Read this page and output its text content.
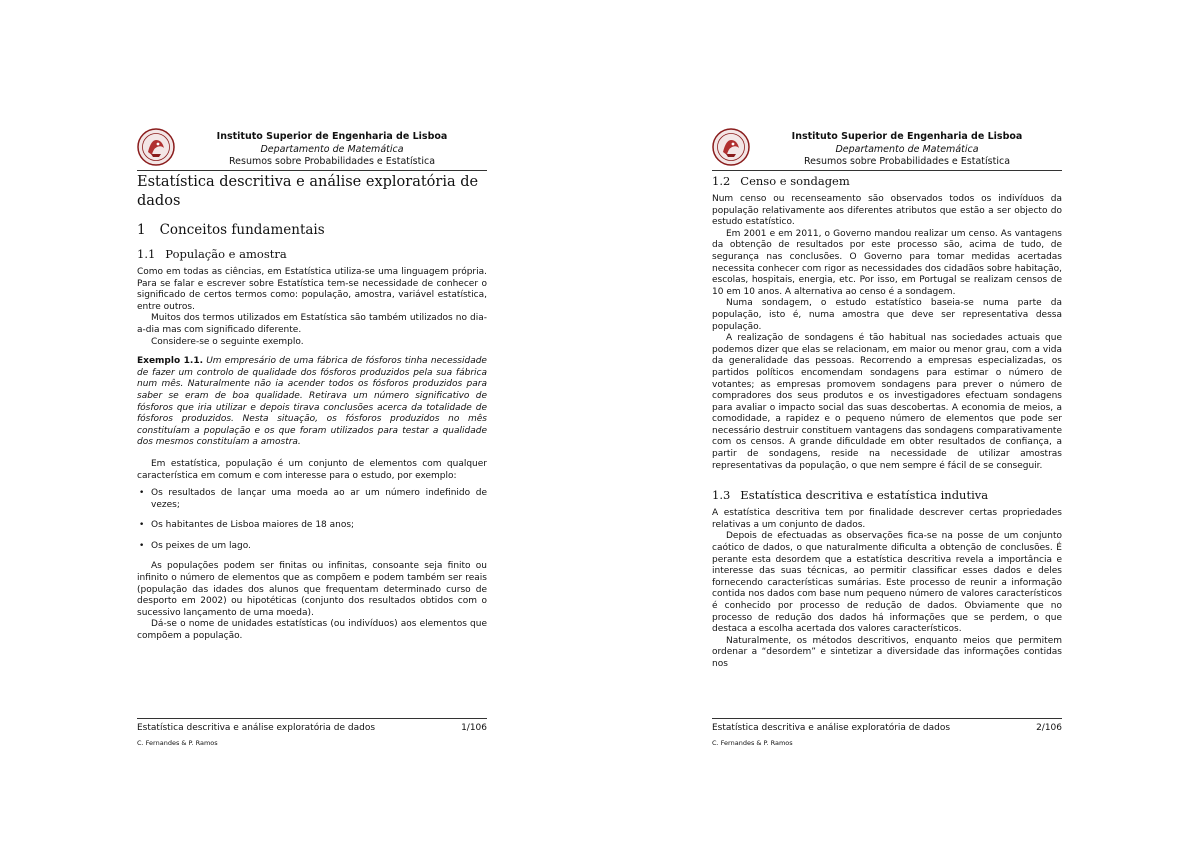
Instituto Superior de Engenharia de Lisboa
Departamento de Matemática
Resumos sobre Probabilidades e Estatística
Estatística descritiva e análise exploratória de dados
1 Conceitos fundamentais
1.1 População e amostra

Como em todas as ciências, em Estatística utiliza-se uma linguagem própria. Para se falar e escrever sobre Estatística tem-se necessidade de conhecer o significado de certos termos como: população, amostra, variável estatística, entre outros.

Muitos dos termos utilizados em Estatística são também utilizados no dia-a-dia mas com significado diferente.

Considere-se o seguinte exemplo.

Exemplo 1.1. Um empresário de uma fábrica de fósforos tinha necessidade de fazer um controlo de qualidade dos fósforos produzidos pela sua fábrica num mês. Naturalmente não ia acender todos os fósforos produzidos para saber se eram de boa qualidade. Retirava um número significativo de fósforos que iria utilizar e depois tirava conclusões acerca da totalidade de fósforos produzidos. Nesta situação, os fósforos produzidos no mês constituíam a população e os que foram utilizados para testar a qualidade dos mesmos constituíam a amostra.

Em estatística, população é um conjunto de elementos com qualquer característica em comum e com interesse para o estudo, por exemplo:

• Os resultados de lançar uma moeda ao ar um número indefinido de vezes;
• Os habitantes de Lisboa maiores de 18 anos;
• Os peixes de um lago.

As populações podem ser finitas ou infinitas, consoante seja finito ou infinito o número de elementos que as compõem e podem também ser reais (população das idades dos alunos que frequentam determinado curso de desporto em 2002) ou hipotéticas (conjunto dos resultados obtidos com o sucessivo lançamento de uma moeda).

Dá-se o nome de unidades estatísticas (ou indivíduos) aos elementos que compõem a população.

Estatística descritiva e análise exploratória de dados	1/106
C. Fernandes & P. Ramos
Instituto Superior de Engenharia de Lisboa
Departamento de Matemática
Resumos sobre Probabilidades e Estatística
1.2 Censo e sondagem

Num censo ou recenseamento são observados todos os indivíduos da população relativamente aos diferentes atributos que estão a ser objecto do estudo estatístico.

Em 2001 e em 2011, o Governo mandou realizar um censo. As vantagens da obtenção de resultados por este processo são, acima de tudo, de segurança nas conclusões. O Governo para tomar medidas acertadas necessita conhecer com rigor as necessidades dos cidadãos sobre habitação, escolas, hospitais, energia, etc. Por isso, em Portugal se realizam censos de 10 em 10 anos. A alternativa ao censo é a sondagem.

Numa sondagem, o estudo estatístico baseia-se numa parte da população, isto é, numa amostra que deve ser representativa dessa população.

A realização de sondagens é tão habitual nas sociedades actuais que podemos dizer que elas se relacionam, em maior ou menor grau, com a vida da generalidade das pessoas. Recorrendo a empresas especializadas, os partidos políticos encomendam sondagens para estimar o número de votantes; as empresas promovem sondagens para prever o número de compradores dos seus produtos e os investigadores efectuam sondagens para avaliar o impacto social das suas descobertas. A economia de meios, a comodidade, a rapidez e o pequeno número de elementos que pode ser necessário destruir constituem vantagens das sondagens comparativamente com os censos. A grande dificuldade em obter resultados de confiança, a partir de sondagens, reside na necessidade de utilizar amostras representativas da população, o que nem sempre é fácil de se conseguir.

1.3 Estatística descritiva e estatística indutiva

A estatística descritiva tem por finalidade descrever certas propriedades relativas a um conjunto de dados.

Depois de efectuadas as observações fica-se na posse de um conjunto caótico de dados, o que naturalmente dificulta a obtenção de conclusões. É perante esta desordem que a estatística descritiva revela a importância e interesse das suas técnicas, ao permitir classificar esses dados e deles fornecendo características sumárias. Este processo de reunir a informação contida nos dados com base num pequeno número de valores característicos é conhecido por processo de redução de dados. Obviamente que no processo de redução dos dados há informações que se perdem, o que destaca a escolha acertada dos valores característicos.

Naturalmente, os métodos descritivos, enquanto meios que permitem ordenar a “desordem” e sintetizar a diversidade das informações contidas nos

Estatística descritiva e análise exploratória de dados	2/106
C. Fernandes & P. Ramos
